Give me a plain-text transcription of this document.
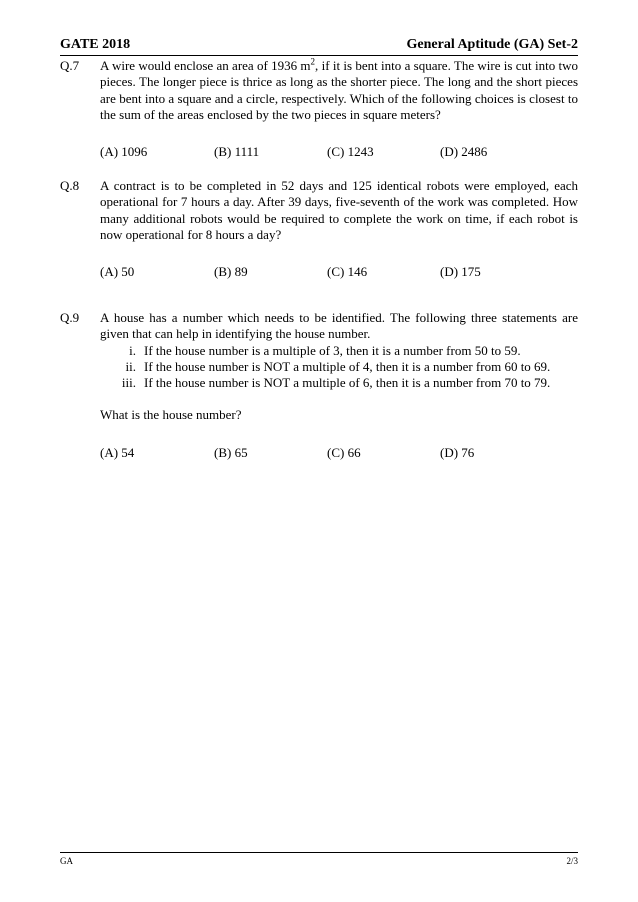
GATE 2018	General Aptitude (GA) Set-2
Q.7 A wire would enclose an area of 1936 $m^2$, if it is bent into a square. The wire is cut into two pieces. The longer piece is thrice as long as the shorter piece. The long and the short pieces are bent into a square and a circle, respectively. Which of the following choices is closest to the sum of the areas enclosed by the two pieces in square meters?
(A) 1096	(B) 1111	(C) 1243	(D) 2486
Q.8 A contract is to be completed in 52 days and 125 identical robots were employed, each operational for 7 hours a day. After 39 days, five-seventh of the work was completed. How many additional robots would be required to complete the work on time, if each robot is now operational for 8 hours a day?
(A) 50	(B) 89	(C) 146	(D) 175
Q.9 A house has a number which needs to be identified. The following three statements are given that can help in identifying the house number.
i. If the house number is a multiple of 3, then it is a number from 50 to 59.
ii. If the house number is NOT a multiple of 4, then it is a number from 60 to 69.
iii. If the house number is NOT a multiple of 6, then it is a number from 70 to 79.
What is the house number?
(A) 54	(B) 65	(C) 66	(D) 76
GA	2/3
